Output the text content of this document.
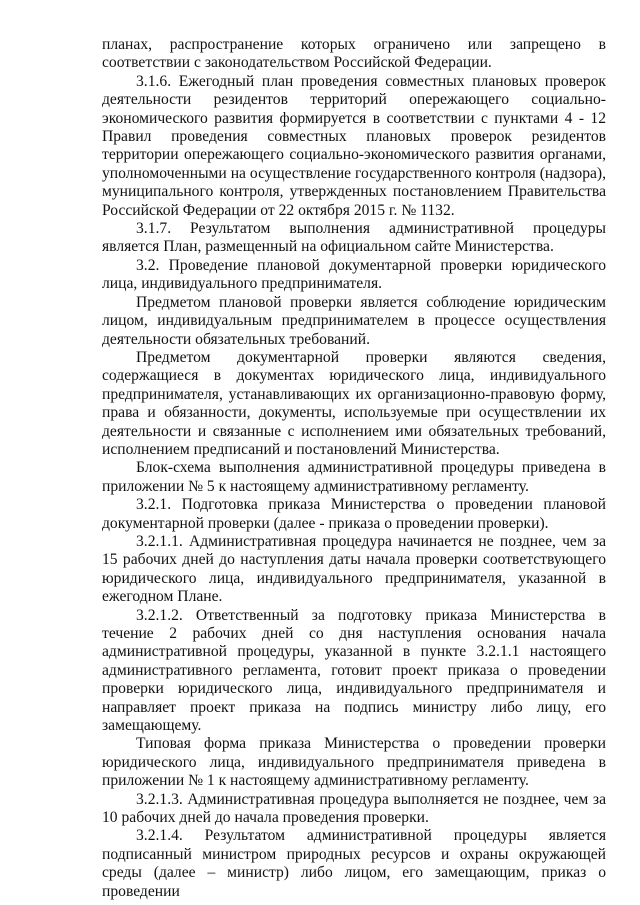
планах, распространение которых ограничено или запрещено в соответствии с законодательством Российской Федерации.

3.1.6. Ежегодный план проведения совместных плановых проверок деятельности резидентов территорий опережающего социально-экономического развития формируется в соответствии с пунктами 4 - 12 Правил проведения совместных плановых проверок резидентов территории опережающего социально-экономического развития органами, уполномоченными на осуществление государственного контроля (надзора), муниципального контроля, утвержденных постановлением Правительства Российской Федерации от 22 октября 2015 г. № 1132.

3.1.7. Результатом выполнения административной процедуры является План, размещенный на официальном сайте Министерства.

3.2. Проведение плановой документарной проверки юридического лица, индивидуального предпринимателя.

Предметом плановой проверки является соблюдение юридическим лицом, индивидуальным предпринимателем в процессе осуществления деятельности обязательных требований.

Предметом документарной проверки являются сведения, содержащиеся в документах юридического лица, индивидуального предпринимателя, устанавливающих их организационно-правовую форму, права и обязанности, документы, используемые при осуществлении их деятельности и связанные с исполнением ими обязательных требований, исполнением предписаний и постановлений Министерства.

Блок-схема выполнения административной процедуры приведена в приложении № 5 к настоящему административному регламенту.

3.2.1. Подготовка приказа Министерства о проведении плановой документарной проверки (далее - приказа о проведении проверки).

3.2.1.1. Административная процедура начинается не позднее, чем за 15 рабочих дней до наступления даты начала проверки соответствующего юридического лица, индивидуального предпринимателя, указанной в ежегодном Плане.

3.2.1.2. Ответственный за подготовку приказа Министерства в течение 2 рабочих дней со дня наступления основания начала административной процедуры, указанной в пункте 3.2.1.1 настоящего административного регламента, готовит проект приказа о проведении проверки юридического лица, индивидуального предпринимателя и направляет проект приказа на подпись министру либо лицу, его замещающему.

Типовая форма приказа Министерства о проведении проверки юридического лица, индивидуального предпринимателя приведена в приложении № 1 к настоящему административному регламенту.

3.2.1.3. Административная процедура выполняется не позднее, чем за 10 рабочих дней до начала проведения проверки.

3.2.1.4. Результатом административной процедуры является подписанный министром природных ресурсов и охраны окружающей среды (далее – министр) либо лицом, его замещающим, приказ о проведении
